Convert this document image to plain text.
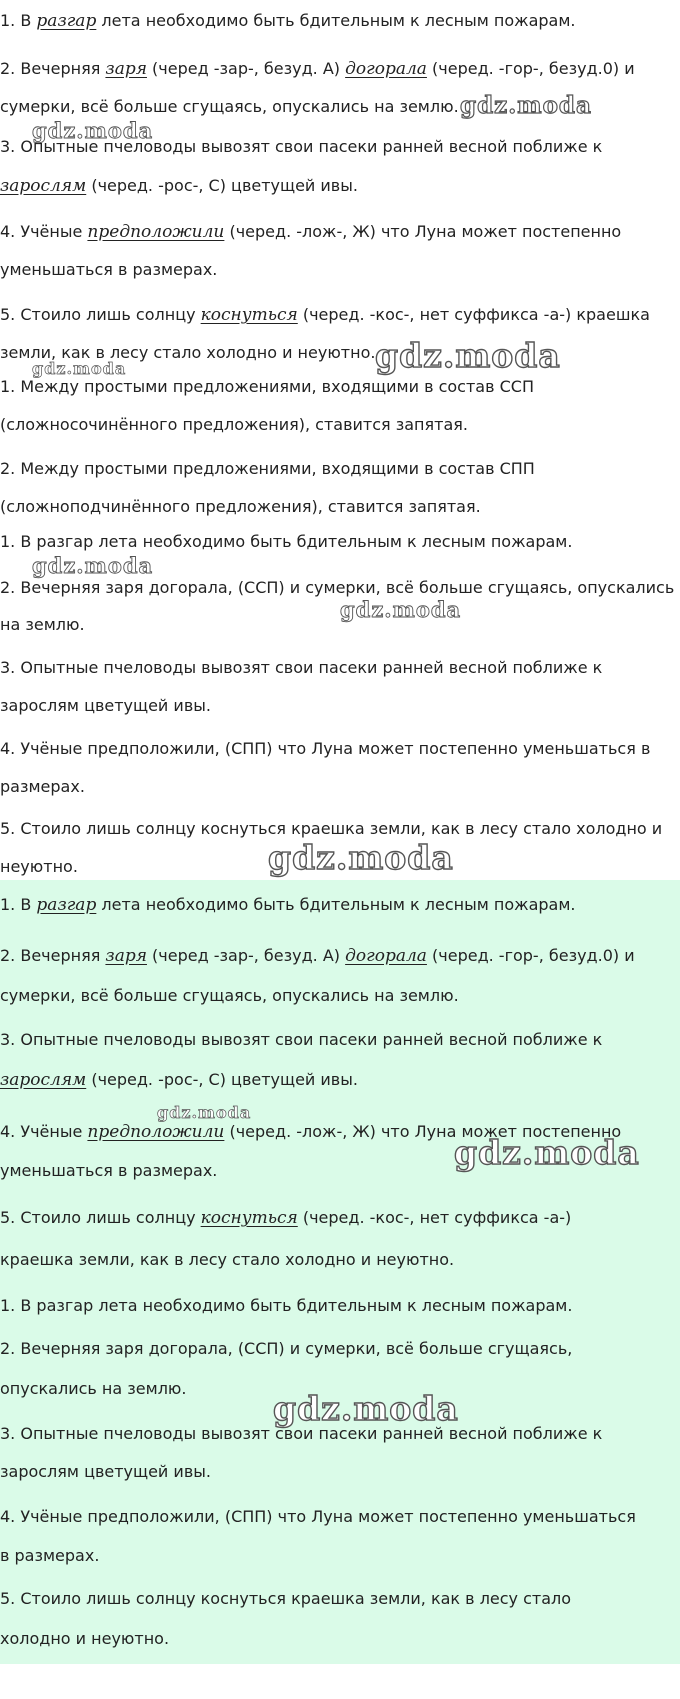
1. В разгар лета необходимо быть бдительным к лесным пожарам.
2. Вечерняя заря (черед -зар-, безуд. А) догорала (черед. -гор-, безуд.0) и
сумерки, всё больше сгущаясь, опускались на землю.
3. Опытные пчеловоды вывозят свои пасеки ранней весной поближе к
зарослям (черед. -рос-, С) цветущей ивы.
4. Учёные предположили (черед. -лож-, Ж) что Луна может постепенно
уменьшаться в размерах.
5. Стоило лишь солнцу коснуться (черед. -кос-, нет суффикса -а-) краешка
земли, как в лесу стало холодно и неуютно.
1. Между простыми предложениями, входящими в состав ССП
(сложносочинённого предложения), ставится запятая.
2. Между простыми предложениями, входящими в состав СПП
(сложноподчинённого предложения), ставится запятая.
1. В разгар лета необходимо быть бдительным к лесным пожарам.
2. Вечерняя заря догорала, (ССП) и сумерки, всё больше сгущаясь, опускались
на землю.
3. Опытные пчеловоды вывозят свои пасеки ранней весной поближе к
зарослям цветущей ивы.
4. Учёные предположили, (СПП) что Луна может постепенно уменьшаться в
размерах.
5. Стоило лишь солнцу коснуться краешка земли, как в лесу стало холодно и
неуютно.
1. В разгар лета необходимо быть бдительным к лесным пожарам.
2. Вечерняя заря (черед -зар-, безуд. А) догорала (черед. -гор-, безуд.0) и
сумерки, всё больше сгущаясь, опускались на землю.
3. Опытные пчеловоды вывозят свои пасеки ранней весной поближе к
зарослям (черед. -рос-, С) цветущей ивы.
4. Учёные предположили (черед. -лож-, Ж) что Луна может постепенно
уменьшаться в размерах.
5. Стоило лишь солнцу коснуться (черед. -кос-, нет суффикса -а-)
краешка земли, как в лесу стало холодно и неуютно.
1. В разгар лета необходимо быть бдительным к лесным пожарам.
2. Вечерняя заря догорала, (ССП) и сумерки, всё больше сгущаясь,
опускались на землю.
3. Опытные пчеловоды вывозят свои пасеки ранней весной поближе к
зарослям цветущей ивы.
4. Учёные предположили, (СПП) что Луна может постепенно уменьшаться
в размерах.
5. Стоило лишь солнцу коснуться краешка земли, как в лесу стало
холодно и неуютно.
gdz.moda
gdz.moda
gdz.moda
gdz.moda
gdz.moda
gdz.moda
gdz.moda
gdz.moda
gdz.moda
gdz.moda
